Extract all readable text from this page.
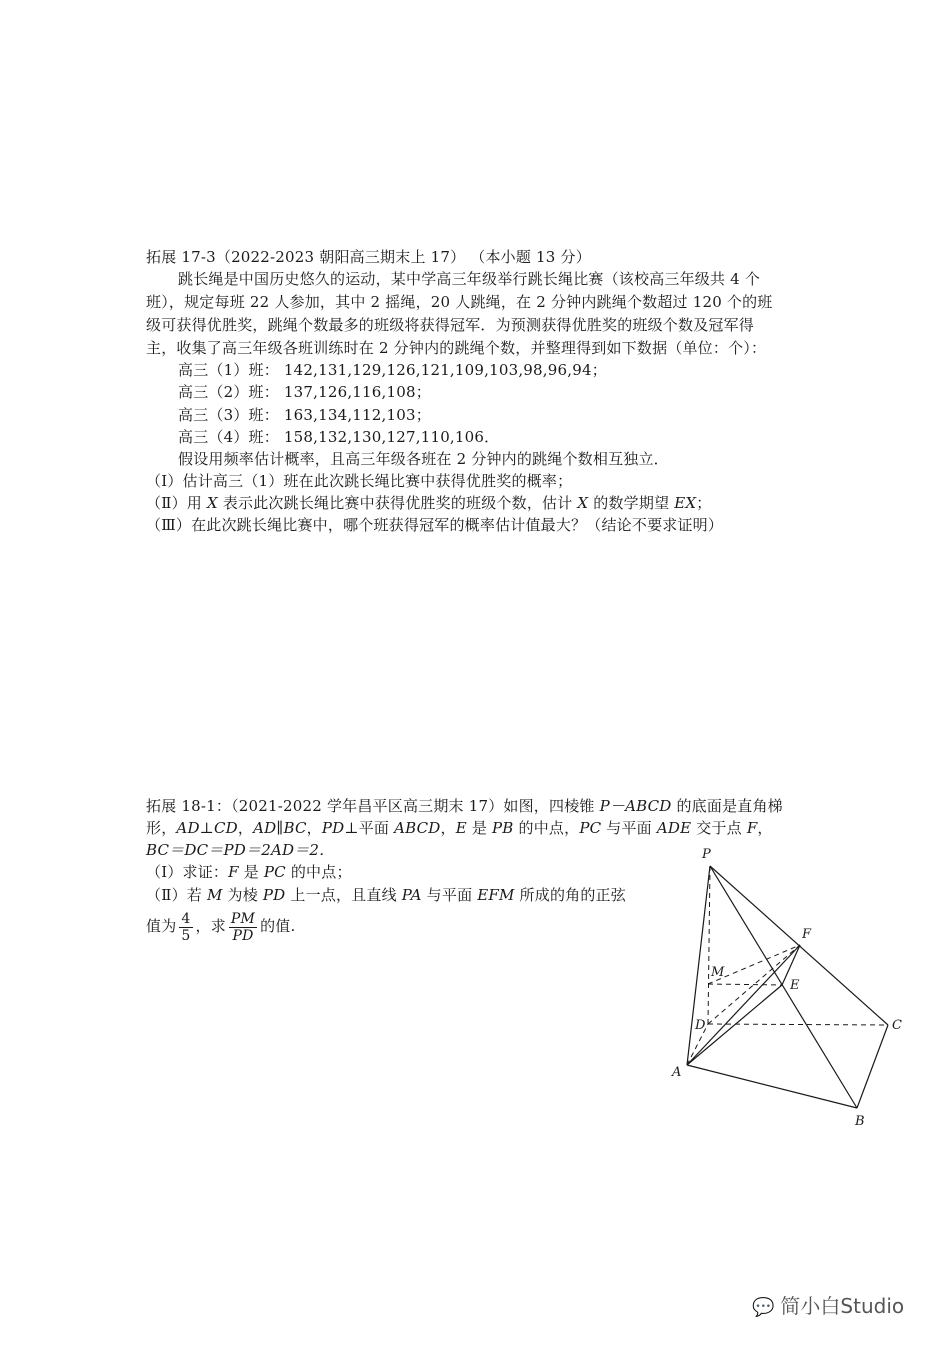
拓展 17-3（2022-2023 朝阳高三期末上 17） （本小题 13 分）
跳长绳是中国历史悠久的运动，某中学高三年级举行跳长绳比赛（该校高三年级共 4 个
班），规定每班 22 人参加，其中 2 摇绳，20 人跳绳，在 2 分钟内跳绳个数超过 120 个的班
级可获得优胜奖，跳绳个数最多的班级将获得冠军．为预测获得优胜奖的班级个数及冠军得
主，收集了高三年级各班训练时在 2 分钟内的跳绳个数，并整理得到如下数据（单位：个）：
高三（1）班： 142,131,129,126,121,109,103,98,96,94；
高三（2）班： 137,126,116,108；
高三（3）班： 163,134,112,103；
高三（4）班： 158,132,130,127,110,106．
假设用频率估计概率，且高三年级各班在 2 分钟内的跳绳个数相互独立．
（Ⅰ）估计高三（1）班在此次跳长绳比赛中获得优胜奖的概率；
（Ⅱ）用 X 表示此次跳长绳比赛中获得优胜奖的班级个数，估计 X 的数学期望 EX；
（Ⅲ）在此次跳长绳比赛中，哪个班获得冠军的概率估计值最大？（结论不要求证明）
拓展 18-1：（2021-2022 学年昌平区高三期末 17）如图，四棱锥 P－ABCD 的底面是直角梯
形，AD⊥CD，AD∥BC，PD⊥平面 ABCD，E 是 PB 的中点，PC 与平面 ADE 交于点 F，
BC＝DC＝PD＝2AD＝2．
（Ⅰ）求证：F 是 PC 的中点；
（Ⅱ）若 M 为棱 PD 上一点，且直线 PA 与平面 EFM 所成的角的正弦
值为 $\frac{4}{5}$ ，求 $\frac{PM}{PD}$ 的值.
P
F
M
E
D	C
A
B
💬 简小白Studio
